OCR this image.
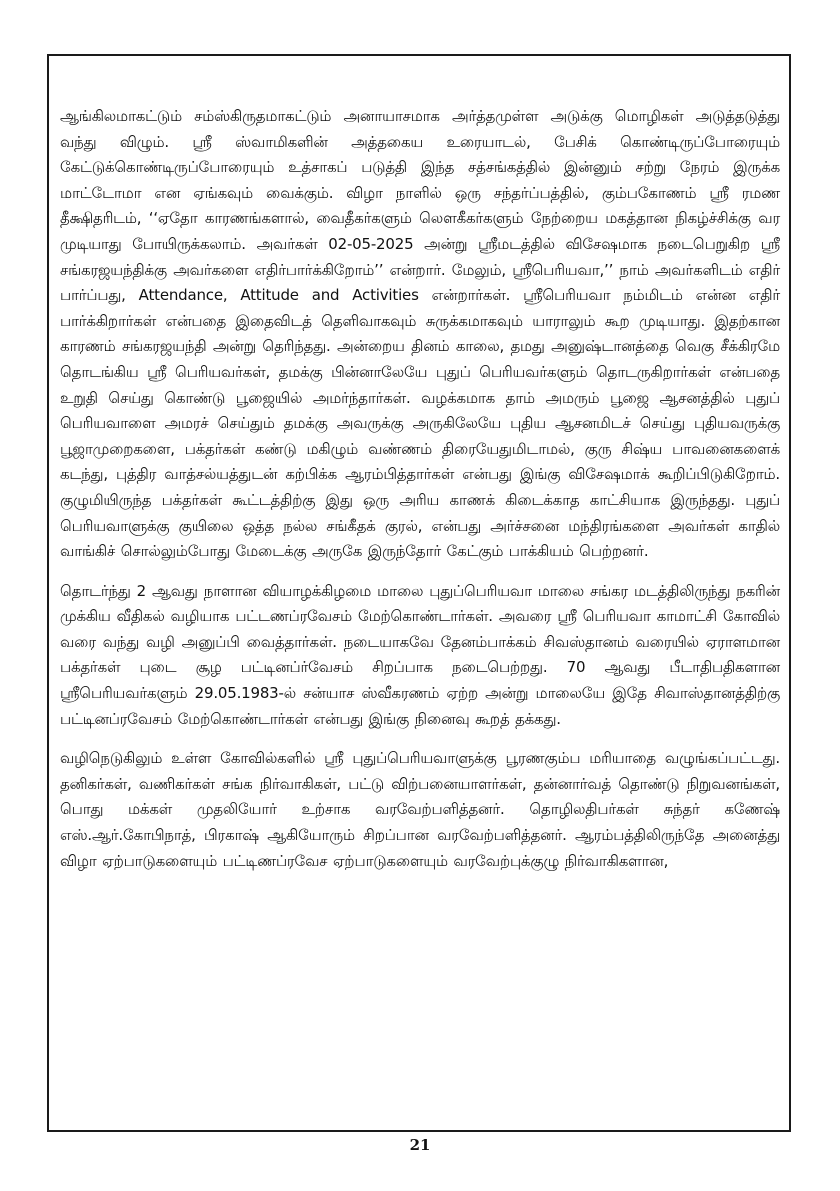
ஆங்கிலமாகட்டும் சம்ஸ்கிருதமாகட்டும் அனாயாசமாக அர்த்தமுள்ள அடுக்கு மொழிகள் அடுத்தடுத்து வந்து விழும். ஸ்ரீ ஸ்வாமிகளின் அத்தகைய உரையாடல், பேசிக் கொண்டிருப்போரையும் கேட்டுக்கொண்டிருப்போரையும் உத்சாகப் படுத்தி இந்த சத்சங்கத்தில் இன்னும் சற்று நேரம் இருக்க மாட்டோமா என ஏங்கவும் வைக்கும். விழா நாளில் ஒரு சந்தர்ப்பத்தில், கும்பகோணம் ஸ்ரீ ரமண தீக்ஷிதரிடம், ‘‘ஏதோ காரணங்களால், வைதீகர்களும் லௌகீகர்களும் நேற்றைய மகத்தான நிகழ்ச்சிக்கு வர முடியாது போயிருக்கலாம். அவர்கள் 02-05-2025 அன்று ஸ்ரீமடத்தில் விசேஷமாக நடைபெறுகிற ஸ்ரீ சங்கரஜயந்திக்கு அவர்களை எதிர்பார்க்கிறோம்’’ என்றார். மேலும், ஸ்ரீபெரியவா,’’ நாம் அவர்களிடம் எதிர் பார்ப்பது, Attendance, Attitude and Activities என்றார்கள். ஸ்ரீபெரியவா நம்மிடம் என்ன எதிர் பார்க்கிறார்கள் என்பதை இதைவிடத் தெளிவாகவும் சுருக்கமாகவும் யாராலும் கூற முடியாது. இதற்கான காரணம் சங்கரஜயந்தி அன்று தெரிந்தது. அன்றைய தினம் காலை, தமது அனுஷ்டானத்தை வெகு சீக்கிரமே தொடங்கிய ஸ்ரீ பெரியவர்கள், தமக்கு பின்னாலேயே புதுப் பெரியவர்களும் தொடருகிறார்கள் என்பதை உறுதி செய்து கொண்டு பூஜையில் அமர்ந்தார்கள். வழக்கமாக தாம் அமரும் பூஜை ஆசனத்தில் புதுப் பெரியவாளை அமரச் செய்தும் தமக்கு அவருக்கு அருகிலேயே புதிய ஆசனமிடச் செய்து புதியவருக்கு பூஜாமுறைகளை, பக்தர்கள் கண்டு மகிழும் வண்ணம் திரையேதுமிடாமல், குரு சிஷ்ய பாவனைகளைக் கடந்து, புத்திர வாத்சல்யத்துடன் கற்பிக்க ஆரம்பித்தார்கள் என்பது இங்கு விசேஷமாக் கூறிப்பிடுகிறோம். குழுமியிருந்த பக்தர்கள் கூட்டத்திற்கு இது ஒரு அரிய காணக் கிடைக்காத காட்சியாக இருந்தது. புதுப் பெரியவாளுக்கு குயிலை ஒத்த நல்ல சங்கீதக் குரல், என்பது அர்ச்சனை மந்திரங்களை அவர்கள் காதில் வாங்கிச் சொல்லும்போது மேடைக்கு அருகே இருந்தோர் கேட்கும் பாக்கியம் பெற்றனர்.

தொடர்ந்து 2 ஆவது நாளான வியாழக்கிழமை மாலை புதுப்பெரியவா மாலை சங்கர மடத்திலிருந்து நகரின் முக்கிய வீதிகல் வழியாக பட்டணப்ரவேசம் மேற்கொண்டார்கள். அவரை ஸ்ரீ பெரியவா காமாட்சி கோவில் வரை வந்து வழி அனுப்பி வைத்தார்கள். நடையாகவே தேனம்பாக்கம் சிவஸ்தானம் வரையில் ஏராளமான பக்தர்கள் புடை சூழ பட்டினப்ர்வேசம் சிறப்பாக நடைபெற்றது. 70 ஆவது பீடாதிபதிகளான ஸ்ரீபெரியவர்களும் 29.05.1983-ல் சன்யாச ஸ்வீகரணம் ஏற்ற அன்று மாலையே இதே சிவாஸ்தானத்திற்கு பட்டினப்ரவேசம் மேற்கொண்டார்கள் என்பது இங்கு நினைவு கூறத் தக்கது.

வழிநெடுகிலும் உள்ள கோவில்களில் ஸ்ரீ புதுப்பெரியவாளுக்கு பூரணகும்ப மரியாதை வழுங்கப்பட்டது. தனிகர்கள், வணிகர்கள் சங்க நிர்வாகிகள், பட்டு விற்பனையாளர்கள், தன்னார்வத் தொண்டு நிறுவனங்கள், பொது மக்கள் முதலியோர் உற்சாக வரவேற்பளித்தனர். தொழிலதிபர்கள் சுந்தர் கணேஷ் எஸ்.ஆர்.கோபிநாத், பிரகாஷ் ஆகியோரும் சிறப்பான வரவேற்பளித்தனர். ஆரம்பத்திலிருந்தே அனைத்து விழா ஏற்பாடுகளையும் பட்டிணப்ரவேச ஏற்பாடுகளையும் வரவேற்புக்குழு நிர்வாகிகளான,

21
